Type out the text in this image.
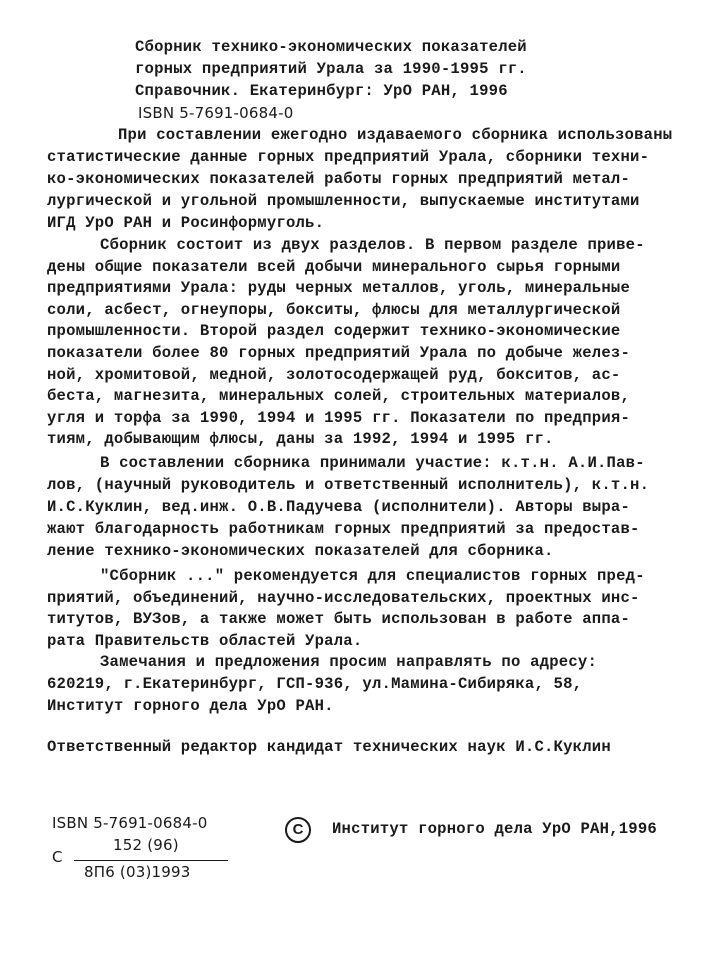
Ответственный редактор кандидат технических наук И.С.Куклин
ISBN 5-7691-0684-0	C	Институт горного дела УрО РАН,1996
С
152 (96)
8П6 (03)1993
Сборник технико-экономических показателей
горных предприятий Урала за 1990-1995 гг.
Справочник. Екатеринбург: УрО РАН, 1996
ISBN 5-7691-0684-0
При составлении ежегодно издаваемого сборника использованы
статистические данные горных предприятий Урала, сборники техни-
ко-экономических показателей работы горных предприятий метал-
лургической и угольной промышленности, выпускаемые институтами
ИГД УрО РАН и Росинформуголь.
Сборник состоит из двух разделов. В первом разделе приве-
дены общие показатели всей добычи минерального сырья горными
предприятиями Урала: руды черных металлов, уголь, минеральные
соли, асбест, огнеупоры, бокситы, флюсы для металлургической
промышленности. Второй раздел содержит технико-экономические
показатели более 80 горных предприятий Урала по добыче желез-
ной, хромитовой, медной, золотосодержащей руд, бокситов, ас-
беста, магнезита, минеральных солей, строительных материалов,
угля и торфа за 1990, 1994 и 1995 гг. Показатели по предприя-
тиям, добывающим флюсы, даны за 1992, 1994 и 1995 гг.
В составлении сборника принимали участие: к.т.н. А.И.Пав-
лов, (научный руководитель и ответственный исполнитель), к.т.н.
И.С.Куклин, вед.инж. О.В.Падучева (исполнители). Авторы выра-
жают благодарность работникам горных предприятий за предостав-
ление технико-экономических показателей для сборника.
"Сборник ..." рекомендуется для специалистов горных пред-
приятий, объединений, научно-исследовательских, проектных инс-
титутов, ВУЗов, а также может быть использован в работе аппа-
рата Правительств областей Урала.
Замечания и предложения просим направлять по адресу:
620219, г.Екатеринбург, ГСП-936, ул.Мамина-Сибиряка, 58,
Институт горного дела УрО РАН.
